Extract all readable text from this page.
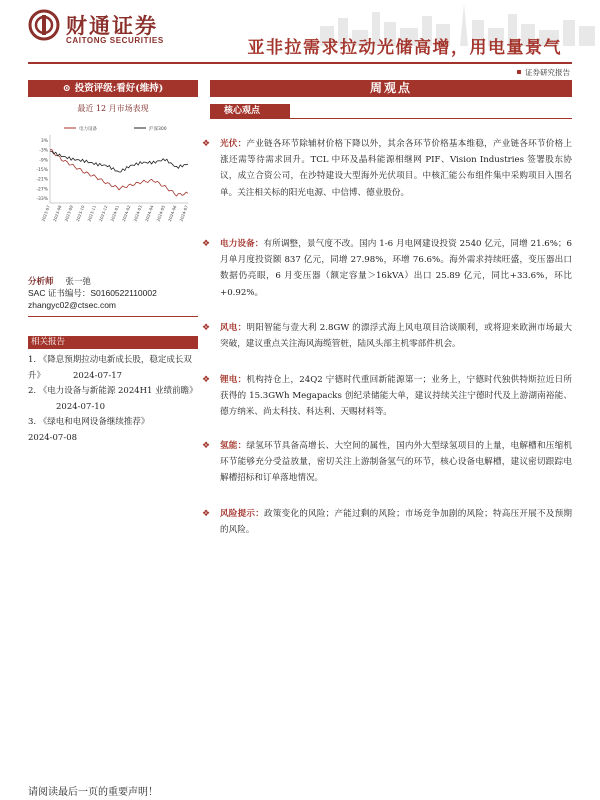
财通证券
CAITONG SECURITIES	亚非拉需求拉动光储高增，用电量景气
证券研究报告
⊙ 投资评级:看好(维持)
最近 12 月市场表现
3%
-3%
-9%
-15%
-21%
-27%
-33%
2023-07 2023-08 2023-09 2023-10 2023-11 2023-12 2024-01 2024-02 2024-03 2024-04 2024-05 2024-06 2024-07
电力设备	沪深300
分析师 张一弛
SAC 证书编号：S0160522110002
zhangyc02@ctsec.com
相关报告
1. 《降息预期拉动电新成长股，稳定成长双升》	2024-07-17
2. 《电力设备与新能源 2024H1 业绩前瞻》2024-07-10
3. 《绿电和电网设备继续推荐》
2024-07-08
周观点
核心观点
❖	光伏：产业链各环节除辅材价格下降以外，其余各环节价格基本维稳，产业链各环节价格上涨还需等待需求回升。TCL 中环及晶科能源相继网 PIF、Vision Industries 签署股东协议，成立合资公司，在沙特建设大型海外光伏项目。中核汇能公布组件集中采购项目入围名单。关注相关标的阳光电源、中信博、德业股份。
❖	电力设备：有所调整，景气度不改。国内 1-6 月电网建设投资 2540 亿元，同增 21.6%；6 月单月度投资额 837 亿元，同增 27.98%，环增 76.6%。海外需求持续旺盛，变压器出口数据仍亮眼，6 月变压器（额定容量＞16kVA）出口 25.89 亿元，同比+33.6%，环比+0.92%。
❖	风电：明阳智能与壹大利 2.8GW 的漂浮式海上风电项目洽谈顺利，或将迎来欧洲市场最大突破，建议重点关注海风海缆管桩，陆风头部主机零部件机会。
❖	锂电：机构持仓上，24Q2 宁德时代重回新能源第一；业务上，宁德时代独供特斯拉近日所获得的 15.3GWh Megapacks 创纪录储能大单，建议持续关注宁德时代及上游湖南裕能、德方纳米、尚太科技、科达利、天赐材料等。
❖	氢能：绿氢环节具备高增长、大空间的属性，国内外大型绿氢项目的上量，电解槽和压缩机环节能够充分受益放量，密切关注上游制备氢气的环节，核心设备电解槽，建议密切跟踪电解槽招标和订单落地情况。
❖	风险提示：政策变化的风险；产能过剩的风险；市场竞争加剧的风险；特高压开展不及预期的风险。
请阅读最后一页的重要声明！
